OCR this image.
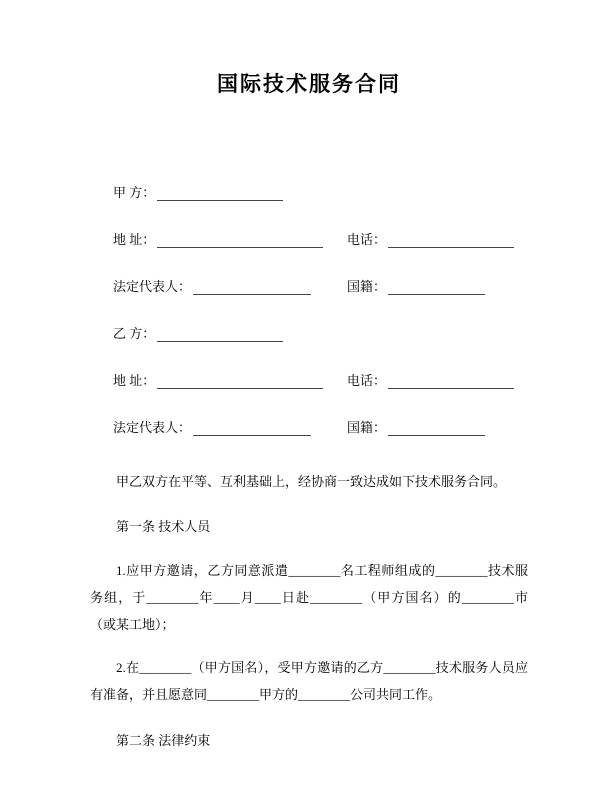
国际技术服务合同
甲 方：
地 址：	电话：
法定代表人：	国籍：
乙 方：
地 址：	电话：
法定代表人：	国籍：

甲乙双方在平等、互利基础上，经协商一致达成如下技术服务合同。

第一条 技术人员

1.应甲方邀请，乙方同意派遣________名工程师组成的________技术服务组，于________年____月____日赴________（甲方国名）的________市（或某工地）；

2.在________（甲方国名），受甲方邀请的乙方________技术服务人员应有准备，并且愿意同________甲方的________公司共同工作。

第二条 法律约束
